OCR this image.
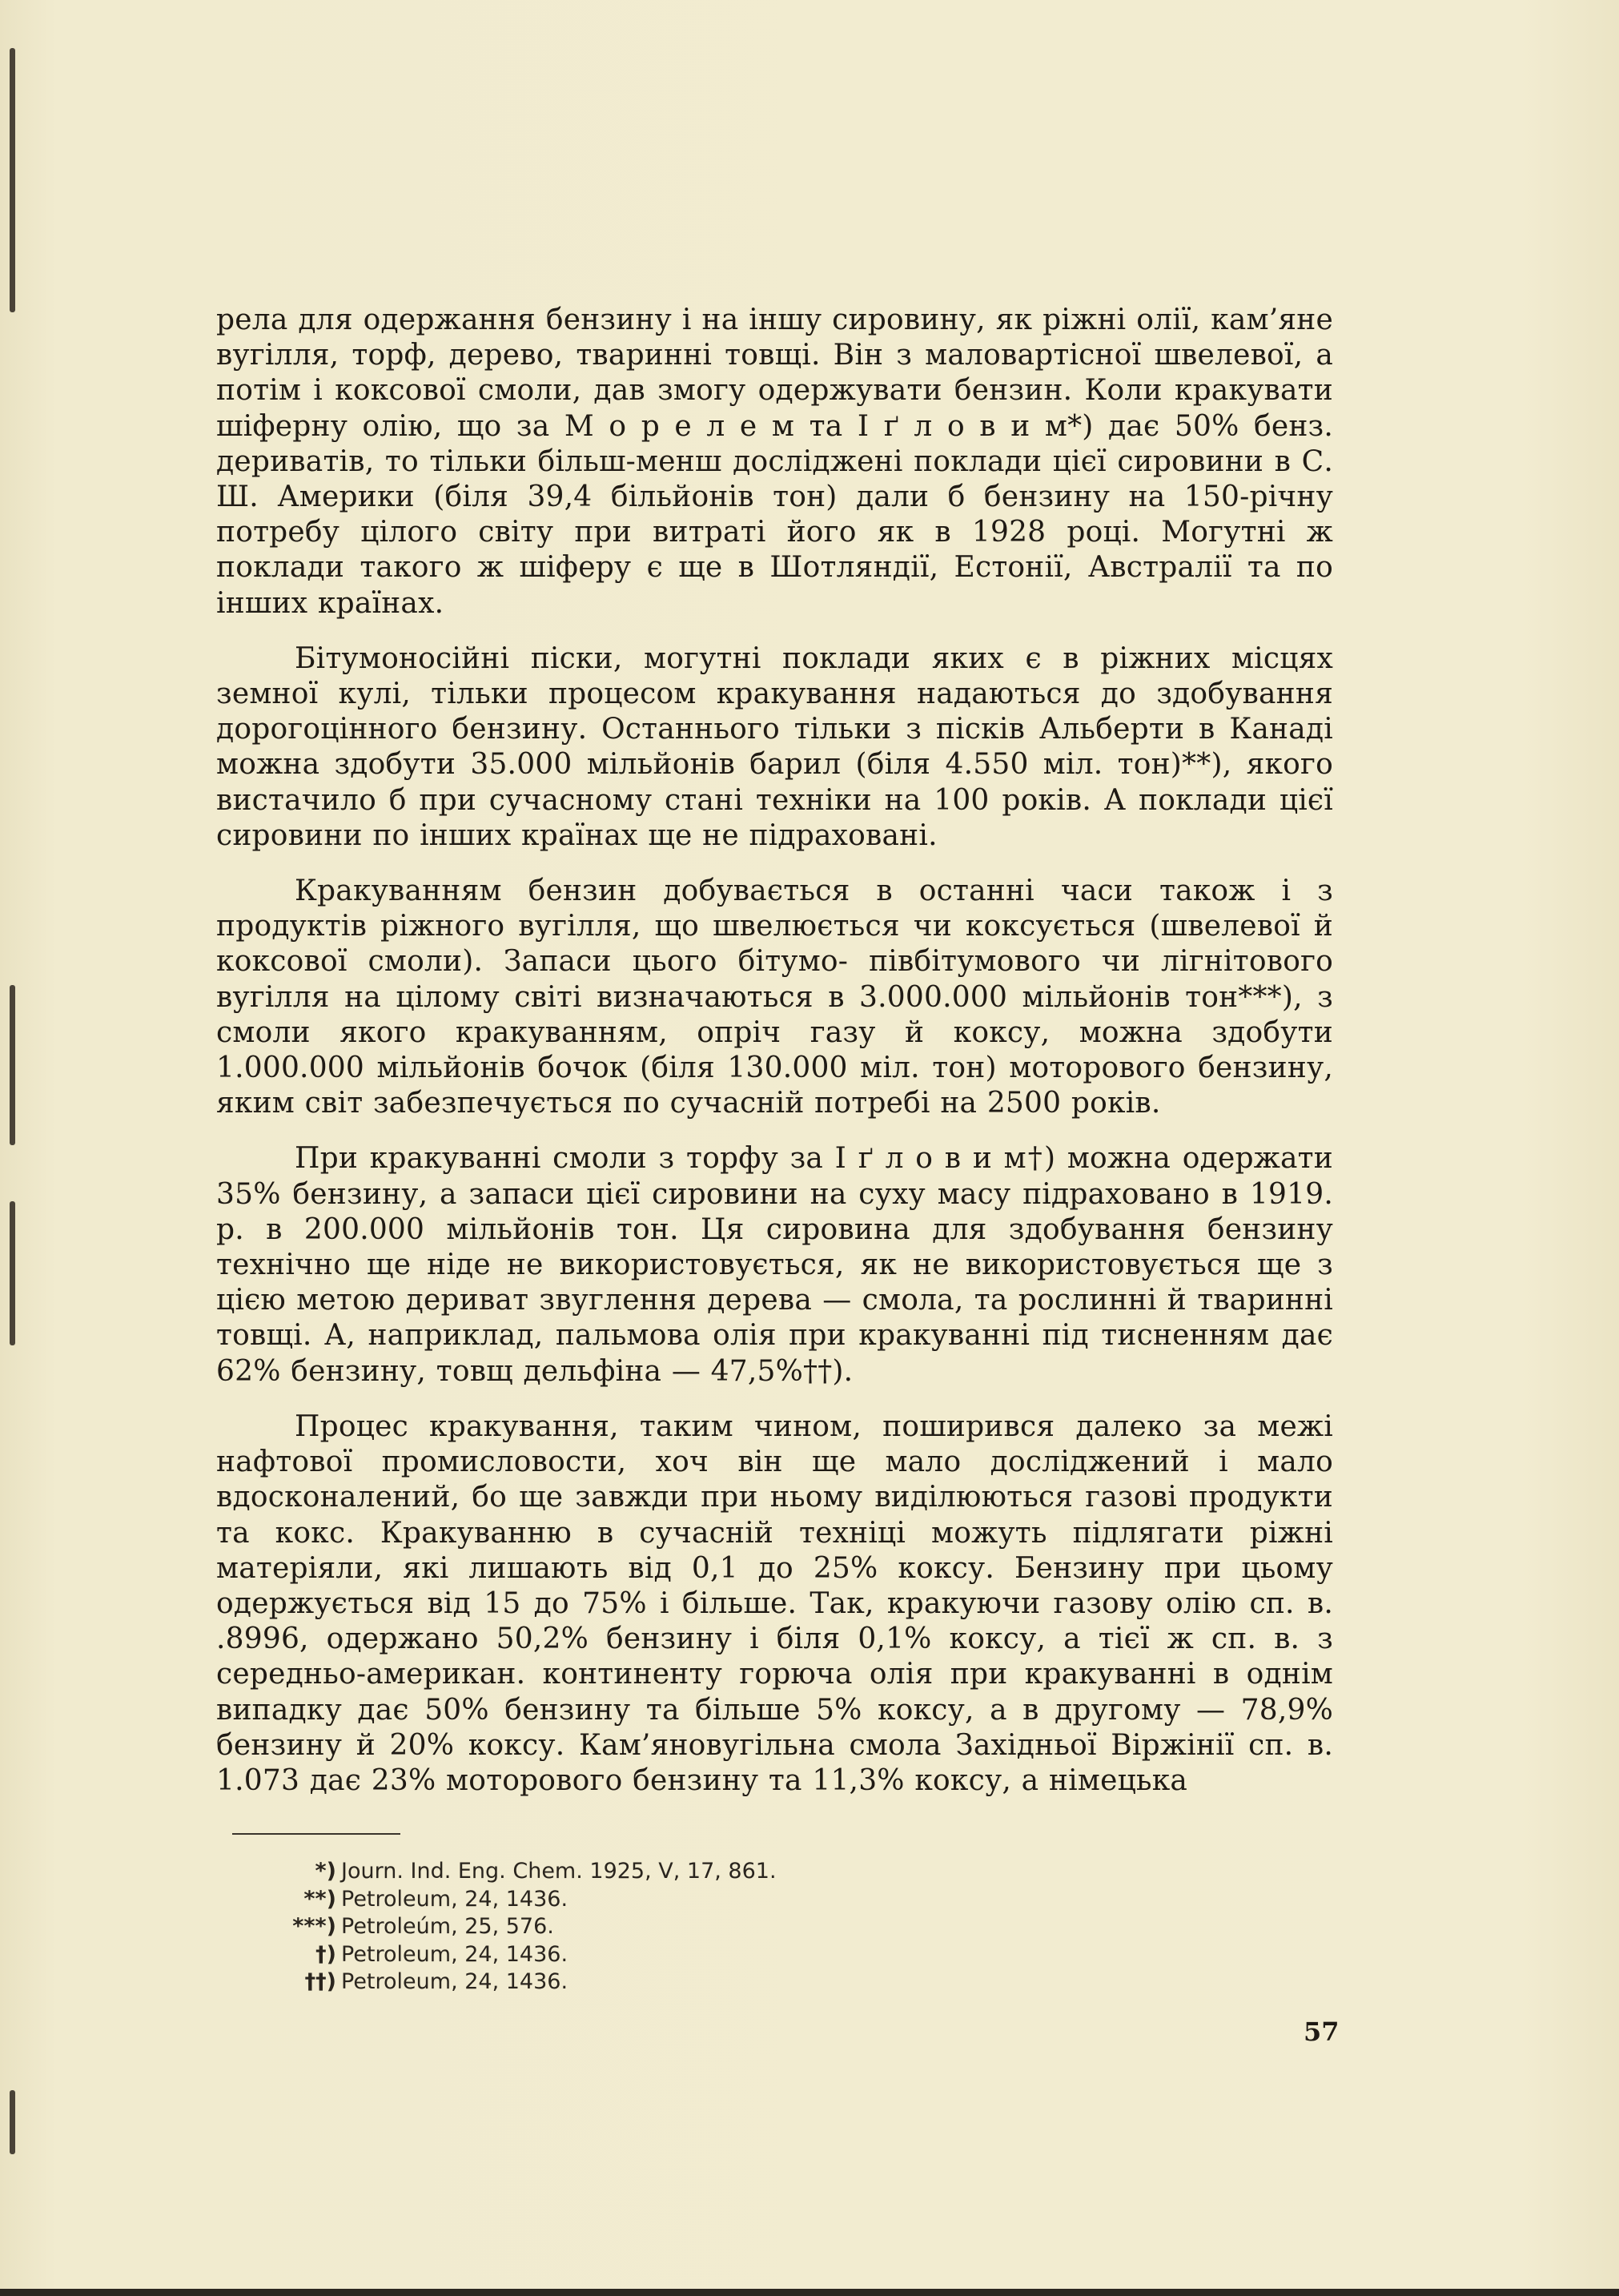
рела для одержання бензину і на іншу сировину, як ріжні олії, кам’яне вугілля, торф, дерево, тваринні товщі. Він з маловартісної швелевої, а потім і коксової смоли, дав змогу одержувати бензин. Коли кракувати шіферну олію, що за М о р е л е м та І ґ л о в и м*) дає 50% бенз. дериватів, то тільки більш-менш досліджені поклади цієї сировини в С. Ш. Америки (біля 39,4 більйонів тон) дали б бензину на 150-річну потребу цілого світу при витраті його як в 1928 році. Могутні ж поклади такого ж шіферу є ще в Шотляндії, Естонії, Австралії та по інших країнах.

Бітумоносійні піски, могутні поклади яких є в ріжних місцях земної кулі, тільки процесом кракування надаються до здобування дорогоцінного бензину. Останнього тільки з пісків Альберти в Канаді можна здобути 35.000 мільйонів барил (біля 4.550 міл. тон)**), якого вистачило б при сучасному стані техніки на 100 років. А поклади цієї сировини по інших країнах ще не підраховані.

Кракуванням бензин добувається в останні часи також і з продуктів ріжного вугілля, що швелюється чи коксується (швелевої й коксової смоли). Запаси цього бітумо- півбітумового чи лігнітового вугілля на цілому світі визначаються в 3.000.000 мільйонів тон***), з смоли якого кракуванням, опріч газу й коксу, можна здобути 1.000.000 мільйонів бочок (біля 130.000 міл. тон) моторового бензину, яким світ забезпечується по сучасній потребі на 2500 років.

При кракуванні смоли з торфу за І ґ л о в и м†) можна одержати 35% бензину, а запаси цієї сировини на суху масу підраховано в 1919. р. в 200.000 мільйонів тон. Ця сировина для здобування бензину технічно ще ніде не використовується, як не використовується ще з цією метою дериват звуглення дерева — смола, та рослинні й тваринні товщі. А, наприклад, пальмова олія при кракуванні під тисненням дає 62% бензину, товщ дельфіна — 47,5%††).

Процес кракування, таким чином, поширився далеко за межі нафтової промисловости, хоч він ще мало досліджений і мало вдосконалений, бо ще завжди при ньому виділюються газові продукти та кокс. Кракуванню в сучасній техніці можуть підлягати ріжні матеріяли, які лишають від 0,1 до 25% коксу. Бензину при цьому одержується від 15 до 75% і більше. Так, кракуючи газову олію сп. в. .8996, одержано 50,2% бензину і біля 0,1% коксу, а тієї ж сп. в. з середньо-американ. континенту горюча олія при кракуванні в однім випадку дає 50% бензину та більше 5% коксу, а в другому — 78,9% бензину й 20% коксу. Кам’яновугільна смола Західньої Віржінії сп. в. 1.073 дає 23% моторового бензину та 11,3% коксу, а німецька

*) Journ. Ind. Eng. Chem. 1925, V, 17, 861.
**) Petroleum, 24, 1436.
***) Petroleúm, 25, 576.
†) Petroleum, 24, 1436.
††) Petroleum, 24, 1436.
57
